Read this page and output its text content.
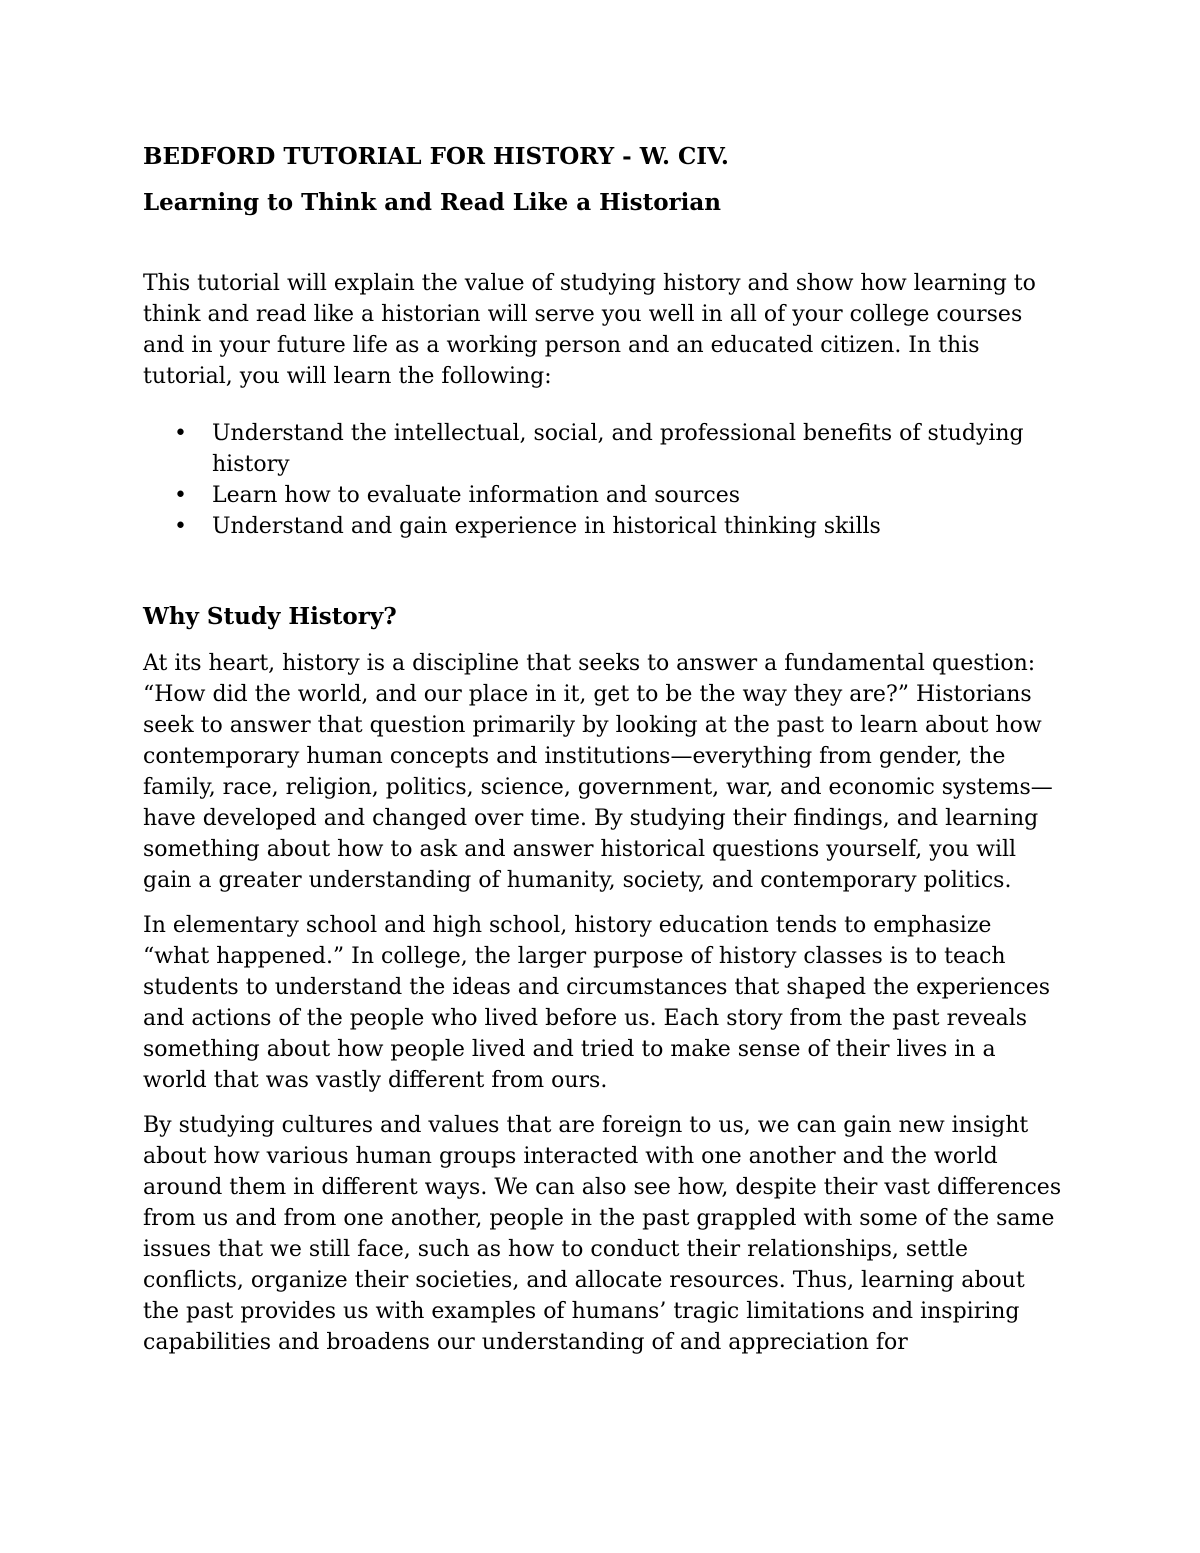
BEDFORD TUTORIAL FOR HISTORY - W. CIV.
Learning to Think and Read Like a Historian

This tutorial will explain the value of studying history and show how learning to think and read like a historian will serve you well in all of your college courses and in your future life as a working person and an educated citizen. In this tutorial, you will learn the following:

• Understand the intellectual, social, and professional benefits of studying history
• Learn how to evaluate information and sources
• Understand and gain experience in historical thinking skills
Why Study History?

At its heart, history is a discipline that seeks to answer a fundamental question: “How did the world, and our place in it, get to be the way they are?” Historians seek to answer that question primarily by looking at the past to learn about how contemporary human concepts and institutions—everything from gender, the family, race, religion, politics, science, government, war, and economic systems—have developed and changed over time. By studying their findings, and learning something about how to ask and answer historical questions yourself, you will gain a greater understanding of humanity, society, and contemporary politics.

In elementary school and high school, history education tends to emphasize “what happened.” In college, the larger purpose of history classes is to teach students to understand the ideas and circumstances that shaped the experiences and actions of the people who lived before us. Each story from the past reveals something about how people lived and tried to make sense of their lives in a world that was vastly different from ours.

By studying cultures and values that are foreign to us, we can gain new insight about how various human groups interacted with one another and the world around them in different ways. We can also see how, despite their vast differences from us and from one another, people in the past grappled with some of the same issues that we still face, such as how to conduct their relationships, settle conflicts, organize their societies, and allocate resources. Thus, learning about the past provides us with examples of humans’ tragic limitations and inspiring capabilities and broadens our understanding of and appreciation for
